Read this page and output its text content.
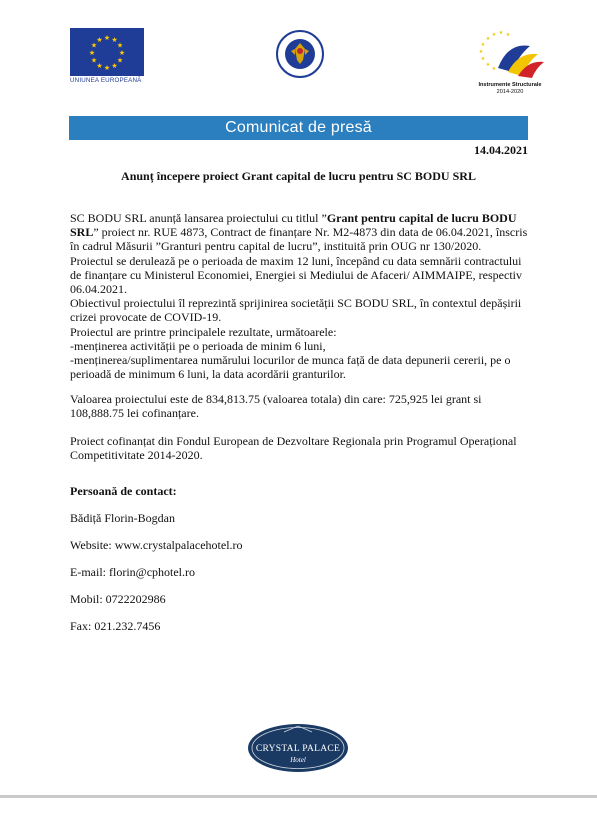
★ ★
★
★
★
★
★
★
★
★
★
★
UNIUNEA EUROPEANĂ
★
★ ★ ★
★
★
★
★
★
Instrumente Structurale
2014-2020
Comunicat de presă
14.04.2021
Anunț începere proiect Grant capital de lucru pentru SC BODU SRL
SC BODU SRL anunță lansarea proiectului cu titlul ”Grant pentru capital de lucru BODU SRL” proiect nr. RUE 4873, Contract de finanțare Nr. M2-4873 din data de 06.04.2021, înscris în cadrul Măsurii ”Granturi pentru capital de lucru”, instituită prin OUG nr 130/2020.
Proiectul se derulează pe o perioada de maxim 12 luni, începând cu data semnării contractului de finanțare cu Ministerul Economiei, Energiei si Mediului de Afaceri/ AIMMAIPE, respectiv 06.04.2021.
Obiectivul proiectului îl reprezintă sprijinirea societății SC BODU SRL, în contextul depășirii crizei provocate de COVID-19.
Proiectul are printre principalele rezultate, următoarele:
-menținerea activității pe o perioada de minim 6 luni,
-menținerea/suplimentarea numărului locurilor de munca față de data depunerii cererii, pe o perioadă de minimum 6 luni, la data acordării granturilor.
Valoarea proiectului este de 834,813.75 (valoarea totala) din care: 725,925 lei grant si 108,888.75 lei cofinanțare.
Proiect cofinanțat din Fondul European de Dezvoltare Regionala prin Programul Operațional Competitivitate 2014-2020.
Persoană de contact:
Bădiță Florin-Bogdan
Website: www.crystalpalacehotel.ro
E-mail: florin@cphotel.ro
Mobil: 0722202986
Fax: 021.232.7456
CRYSTAL PALACE
Hotel
